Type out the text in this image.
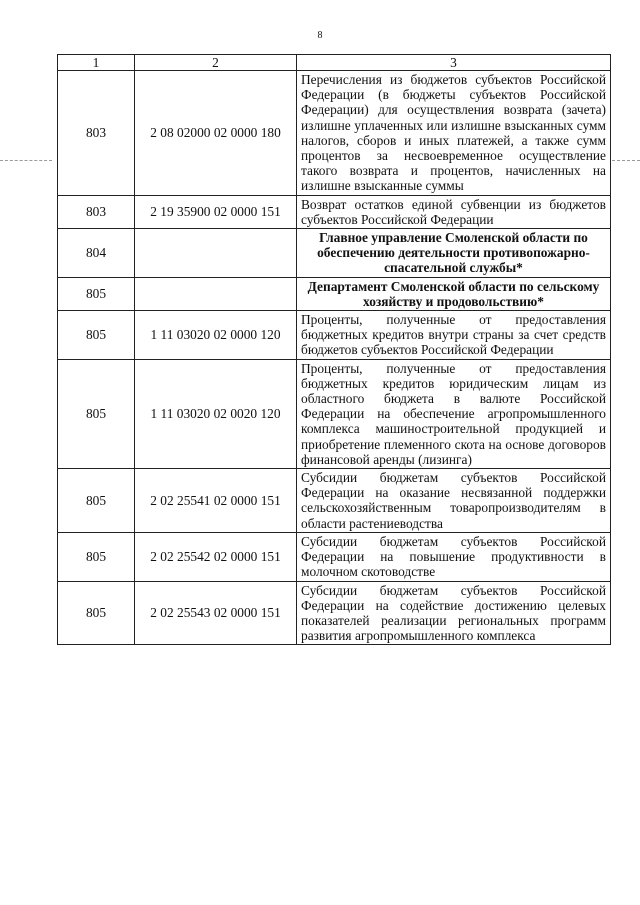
8
1	2	3
803	2 08 02000 02 0000 180	Перечисления из бюджетов субъектов Российской Федерации (в бюджеты субъектов Российской Федерации) для осуществления возврата (зачета) излишне уплаченных или излишне взысканных сумм налогов, сборов и иных платежей, а также сумм процентов за несвоевременное осуществление такого возврата и процентов, начисленных на излишне взысканные суммы
803	2 19 35900 02 0000 151	Возврат остатков единой субвенции из бюджетов субъектов Российской Федерации
804		Главное управление Смоленской области по обеспечению деятельности противопожарно-спасательной службы*
805		Департамент Смоленской области по сельскому хозяйству и продовольствию*
805	1 11 03020 02 0000 120	Проценты, полученные от предоставления бюджетных кредитов внутри страны за счет средств бюджетов субъектов Российской Федерации
805	1 11 03020 02 0020 120	Проценты, полученные от предоставления бюджетных кредитов юридическим лицам из областного бюджета в валюте Российской Федерации на обеспечение агропромышленного комплекса машиностроительной продукцией и приобретение племенного скота на основе договоров финансовой аренды (лизинга)
805	2 02 25541 02 0000 151	Субсидии бюджетам субъектов Российской Федерации на оказание несвязанной поддержки сельскохозяйственным товаропроизводителям в области растениеводства
805	2 02 25542 02 0000 151	Субсидии бюджетам субъектов Российской Федерации на повышение продуктивности в молочном скотоводстве
805	2 02 25543 02 0000 151	Субсидии бюджетам субъектов Российской Федерации на содействие достижению целевых показателей реализации региональных программ развития агропромышленного комплекса
